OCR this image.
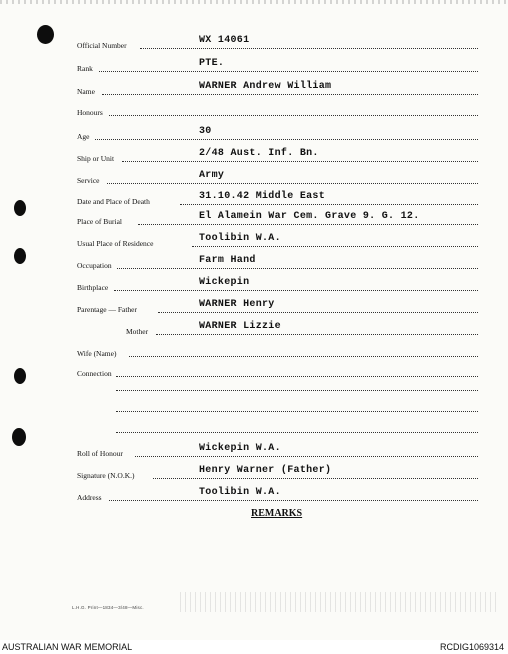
Official Number	WX 14061
Rank	PTE.
Name	WARNER Andrew William
Honours
Age	30
Ship or Unit	2/48 Aust. Inf. Bn.
Service	Army
Date and Place of Death	31.10.42 Middle East
Place of Burial	El Alamein War Cem. Grave 9. G. 12.
Usual Place of Residence	Toolibin W.A.
Occupation	Farm Hand
Birthplace	Wickepin
Parentage — Father	WARNER Henry
Mother	WARNER Lizzie
Wife (Name)
Connection
Roll of Honour	Wickepin W.A.
Signature (N.O.K.)	Henry Warner (Father)
Address	Toolibin W.A.
REMARKS
L.H.G. Print—1834—3/48—Misc.
AUSTRALIAN WAR MEMORIAL	RCDIG1069314
